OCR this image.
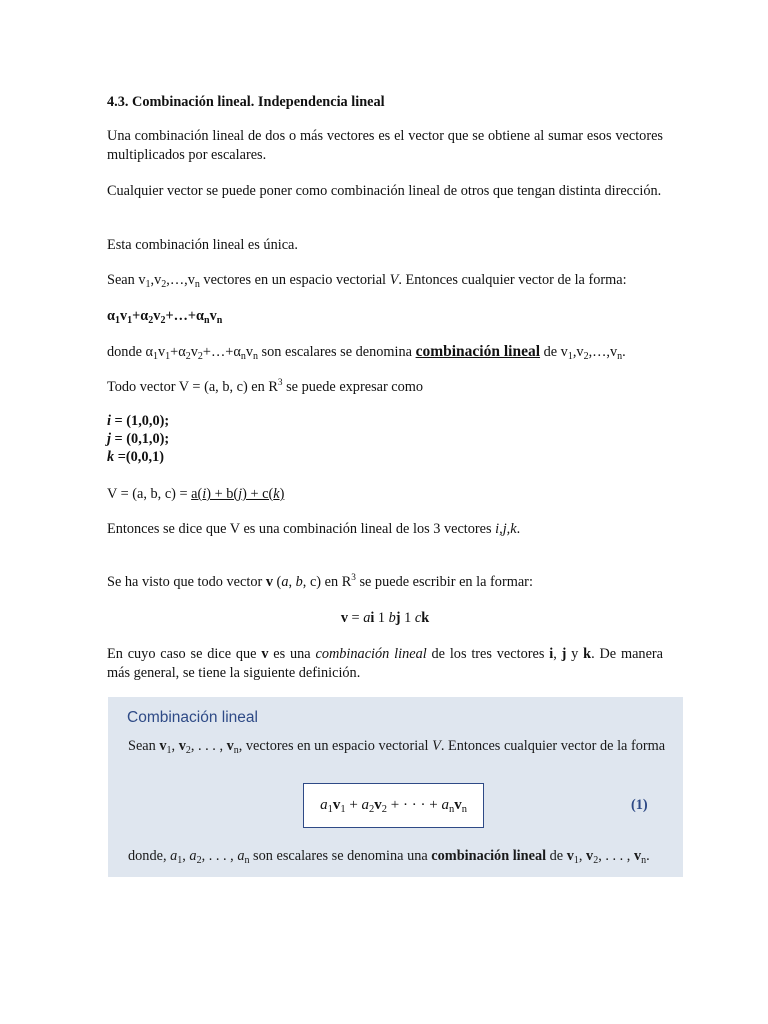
4.3. Combinación lineal. Independencia lineal

Una combinación lineal de dos o más vectores es el vector que se obtiene al sumar esos vectores multiplicados por escalares.

Cualquier vector se puede poner como combinación lineal de otros que tengan distinta dirección.

Esta combinación lineal es única.

Sean $v_1,v_2,\dots,v_n$ vectores en un espacio vectorial V. Entonces cualquier vector de la forma:

$\alpha_1v_1+\alpha_2v_2+\dots+\alpha_nv_n$

donde $\alpha_1v_1+\alpha_2v_2+\dots+\alpha_nv_n$ son escalares se denomina combinación lineal de $v_1,v_2,\dots,v_n$.

Todo vector V = (a, b, c) en $R^3$ se puede expresar como

i = (1,0,0);
j = (0,1,0);
k =(0,0,1)

V = (a, b, c) = a(i) + b(j) + c(k)

Entonces se dice que V es una combinación lineal de los 3 vectores i,j,k.

Se ha visto que todo vector v (a, b, c) en $R^3$ se puede escribir en la formar:

v = ai 1 bj 1 ck

En cuyo caso se dice que v es una combinación lineal de los tres vectores i, j y k. De manera más general, se tiene la siguiente definición.

Combinación lineal

Sean $v_1$, $v_2$, . . . , $v_n$, vectores en un espacio vectorial V. Entonces cualquier vector de la forma

$a_1v_1 + a_2v_2$ + · · · + $a_nv_n$	(1)

donde, $a_1$, $a_2$, . . . , $a_n$ son escalares se denomina una combinación lineal de $v_1$, $v_2$, . . . , $v_n$.
